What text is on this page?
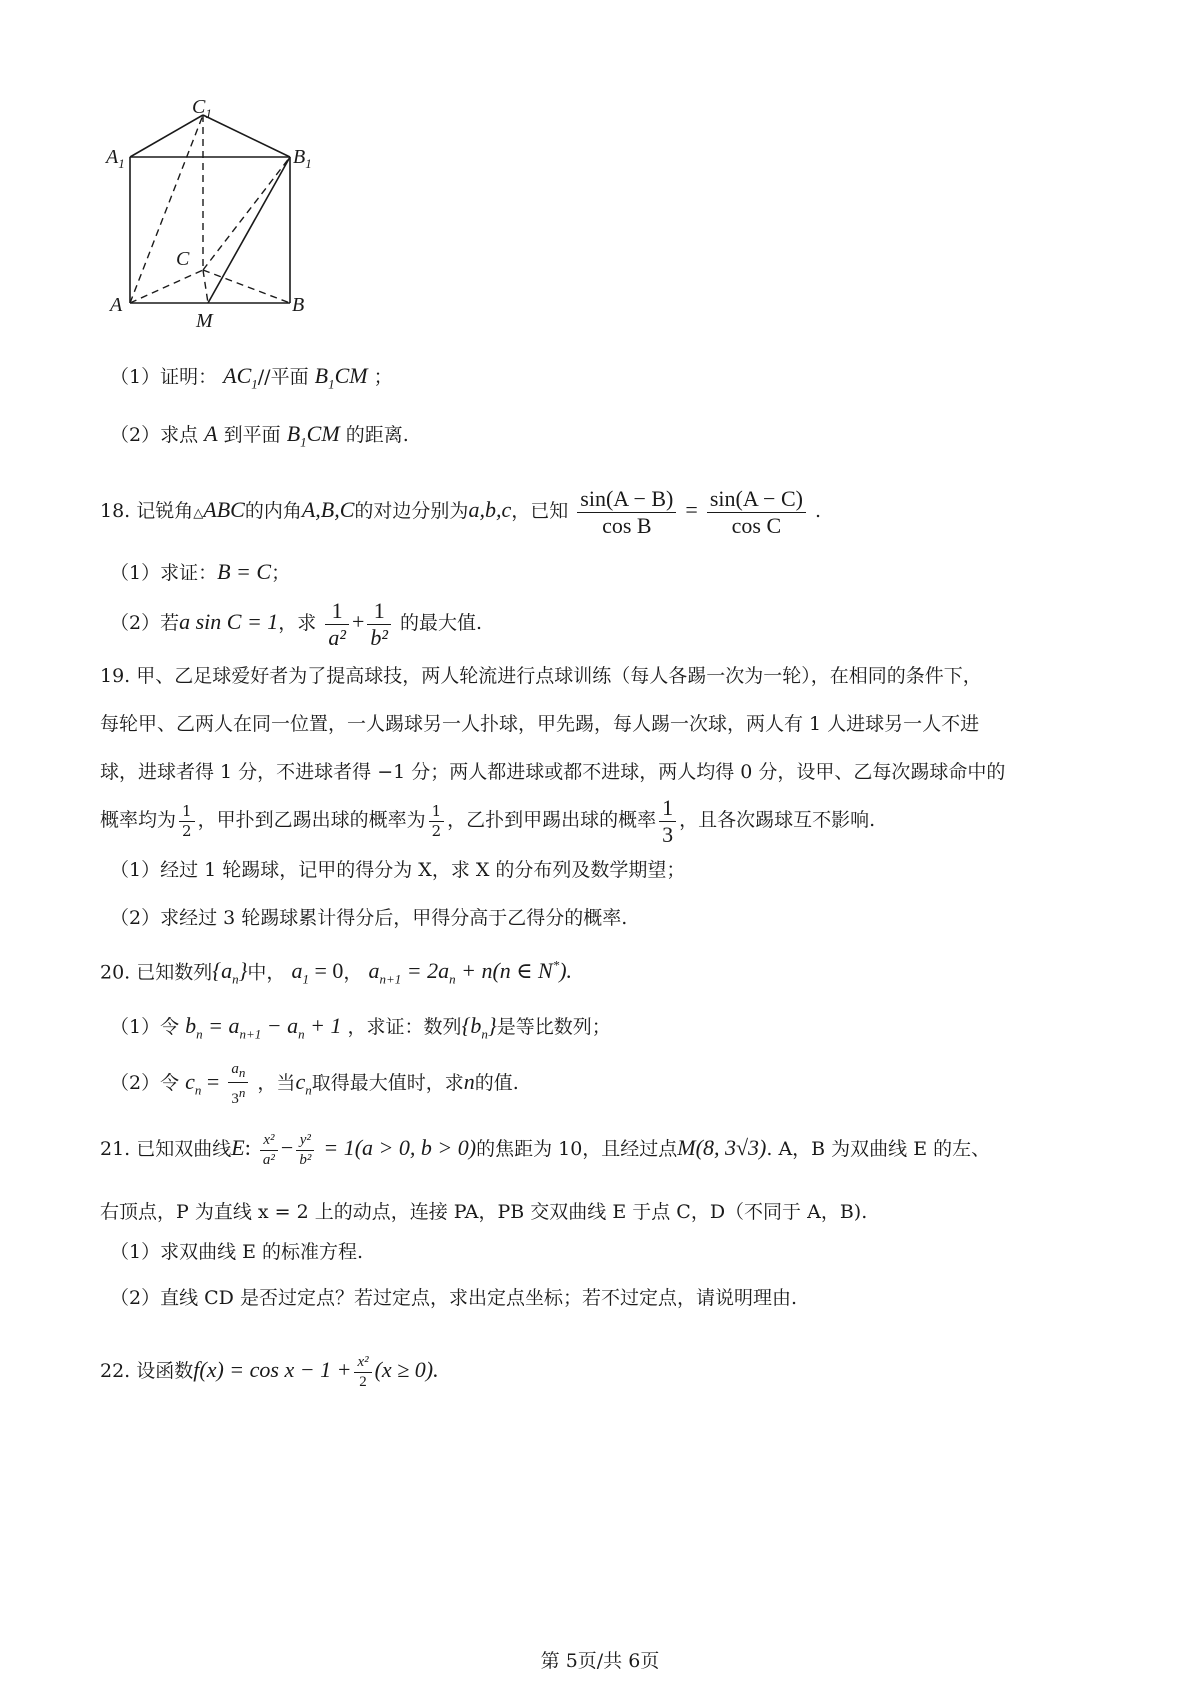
$C_1$
$A_1$	$B_1$
C
A
M
B
（1）证明： $AC_1//$平面 $B_1CM$ ；
（2）求点 A 到平面 $B_1CM$ 的距离.
18. 记锐角△ABC的内角A,B,C的对边分别为a,b,c，已知 $\frac{\sin(A - B)}{\text{cos B}} = \frac{\sin(A - C)}{\text{cos C}}$ .
（1）求证：B = C；
（2）若a sin C = 1，求 $\frac{1}{\text{a²}} + \frac{1}{\text{b²}}$ 的最大值.
19. 甲、乙足球爱好者为了提高球技，两人轮流进行点球训练（每人各踢一次为一轮），在相同的条件下，
每轮甲、乙两人在同一位置，一人踢球另一人扑球，甲先踢，每人踢一次球，两人有 1 人进球另一人不进
球，进球者得 1 分，不进球者得 −1 分；两人都进球或都不进球，两人均得 0 分，设甲、乙每次踢球命中的
概率均为 $\frac{1}{2}$ ，甲扑到乙踢出球的概率为 $\frac{1}{2}$ ，乙扑到甲踢出球的概率 $\frac{1}{3}$ ，且各次踢球互不影响.
（1）经过 1 轮踢球，记甲的得分为 X，求 X 的分布列及数学期望；
（2）求经过 3 轮踢球累计得分后，甲得分高于乙得分的概率.
20. 已知数列$\{a_n\}$中， $a_1 = 0$， $a_{n+1} = 2a_n + n(n$ ∈ N*).
（1）令 $b_n = a_{n+1} - a_n + 1$ ，求证：数列$\{b_n\}$是等比数列；
（2）令 $c_n = \frac{a_n}{3^n}$ ，当$c_n$取得最大值时，求n的值.
21. 已知双曲线E: $\frac{\text{x²}}{\text{a²}} - \frac{\text{y²}}{\text{b²}} = 1(a > 0$, b > 0)的焦距为 10，且经过点M(8, 3√3). A，B 为双曲线 E 的左、
右顶点，P 为直线 x = 2 上的动点，连接 PA，PB 交双曲线 E 于点 C，D（不同于 A，B).
（1）求双曲线 E 的标准方程.
（2）直线 CD 是否过定点？若过定点，求出定点坐标；若不过定点，请说明理由.
22. 设函数$f(x) = \cos x - 1 + \frac{\text{x²}}{2} (x \ge 0)$.
第 5页/共 6页
